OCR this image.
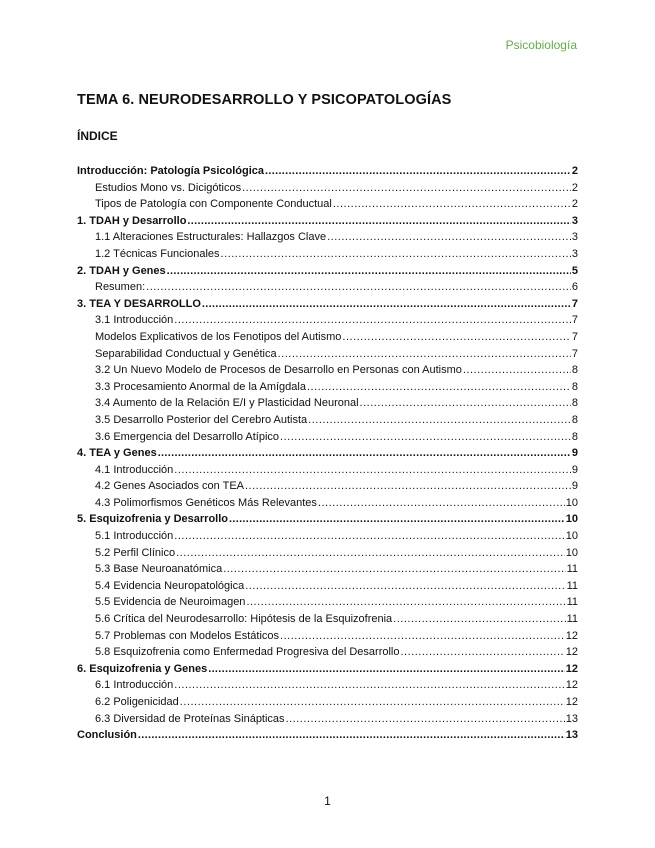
Psicobiología
TEMA 6. NEURODESARROLLO Y PSICOPATOLOGÍAS
ÍNDICE
Introducción: Patología Psicológica .....	2
Estudios Mono vs. Dicigóticos .....	2
Tipos de Patología con Componente Conductual .....	2
1. TDAH y Desarrollo .....	3
1.1 Alteraciones Estructurales: Hallazgos Clave .....	3
1.2 Técnicas Funcionales .....	3
2. TDAH y Genes .....	5
Resumen: .....	6
3. TEA Y DESARROLLO .....	7
3.1 Introducción .....	7
Modelos Explicativos de los Fenotipos del Autismo .....	7
Separabilidad Conductual y Genética .....	7
3.2 Un Nuevo Modelo de Procesos de Desarrollo en Personas con Autismo .....	8
3.3 Procesamiento Anormal de la Amígdala .....	8
3.4 Aumento de la Relación E/I y Plasticidad Neuronal .....	8
3.5 Desarrollo Posterior del Cerebro Autista .....	8
3.6 Emergencia del Desarrollo Atípico .....	8
4. TEA y Genes .....	9
4.1 Introducción .....	9
4.2 Genes Asociados con TEA .....	9
4.3 Polimorfismos Genéticos Más Relevantes .....	10
5. Esquizofrenia y Desarrollo .....	10
5.1 Introducción .....	10
5.2 Perfil Clínico .....	10
5.3 Base Neuroanatómica .....	11
5.4 Evidencia Neuropatológica .....	11
5.5 Evidencia de Neuroimagen .....	11
5.6 Crítica del Neurodesarrollo: Hipótesis de la Esquizofrenia .....	11
5.7 Problemas con Modelos Estáticos .....	12
5.8 Esquizofrenia como Enfermedad Progresiva del Desarrollo .....	12
6. Esquizofrenia y Genes .....	12
6.1 Introducción .....	12
6.2 Poligenicidad .....	12
6.3 Diversidad de Proteínas Sinápticas .....	13
Conclusión .....	13
1
